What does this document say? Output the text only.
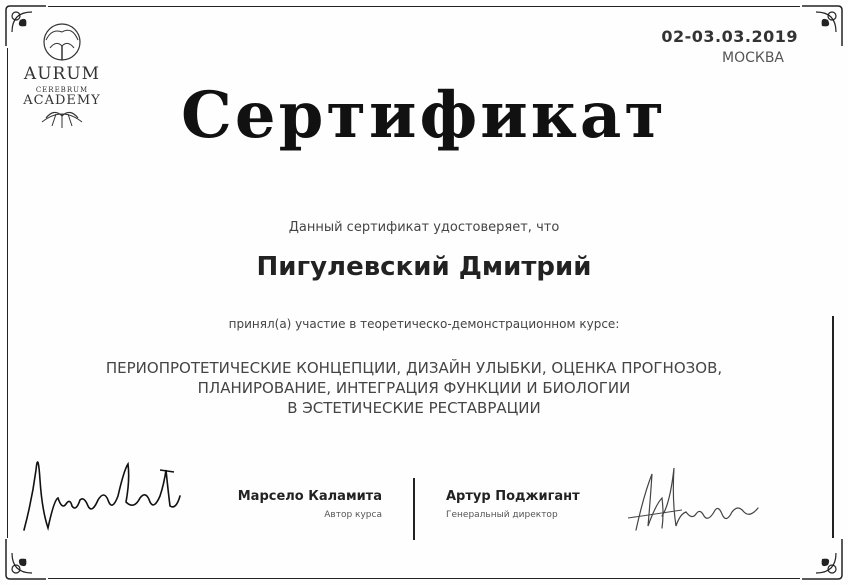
AURUM
CEREBRUM
ACADEMY
02-03.03.2019
МОСКВА
Сертификат
Данный сертификат удостоверяет, что
Пигулевский Дмитрий
принял(а) участие в теоретическо-демонстрационном курсе:
ПЕРИОПРОТЕТИЧЕСКИЕ КОНЦЕПЦИИ, ДИЗАЙН УЛЫБКИ, ОЦЕНКА ПРОГНОЗОВ,
ПЛАНИРОВАНИЕ, ИНТЕГРАЦИЯ ФУНКЦИИ И БИОЛОГИИ
В ЭСТЕТИЧЕСКИЕ РЕСТАВРАЦИИ
Марсело Каламита
Автор курса
Артур Поджигант
Генеральный директор
